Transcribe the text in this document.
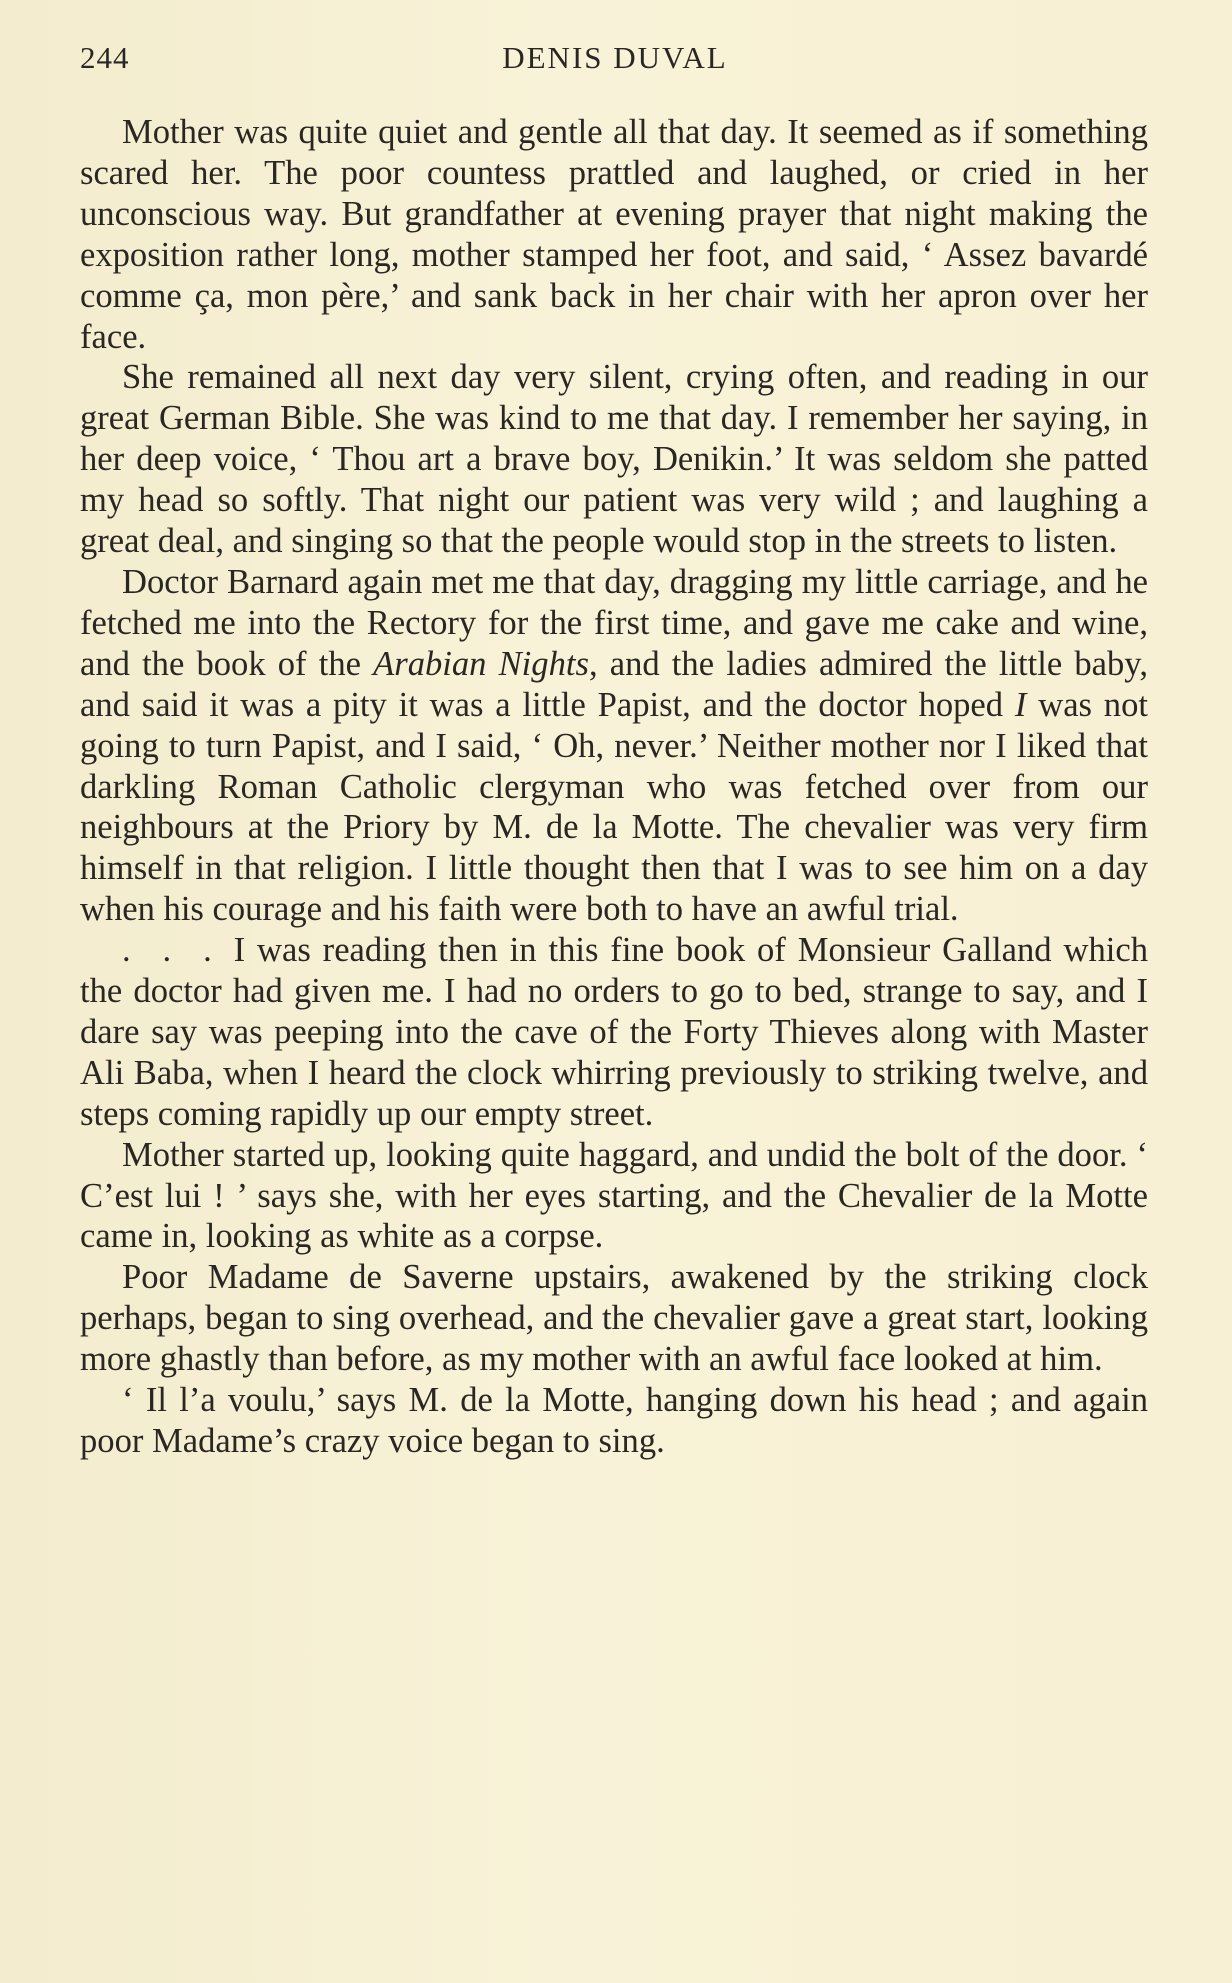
244	DENIS DUVAL

Mother was quite quiet and gentle all that day. It seemed as if something scared her. The poor countess prattled and laughed, or cried in her unconscious way. But grandfather at evening prayer that night making the exposition rather long, mother stamped her foot, and said, ‘ Assez bavardé comme ça, mon père,’ and sank back in her chair with her apron over her face.

She remained all next day very silent, crying often, and reading in our great German Bible. She was kind to me that day. I remember her saying, in her deep voice, ‘ Thou art a brave boy, Denikin.’ It was seldom she patted my head so softly. That night our patient was very wild ; and laughing a great deal, and singing so that the people would stop in the streets to listen.

Doctor Barnard again met me that day, dragging my little carriage, and he fetched me into the Rectory for the first time, and gave me cake and wine, and the book of the Arabian Nights, and the ladies admired the little baby, and said it was a pity it was a little Papist, and the doctor hoped I was not going to turn Papist, and I said, ‘ Oh, never.’ Neither mother nor I liked that darkling Roman Catholic clergyman who was fetched over from our neighbours at the Priory by M. de la Motte. The chevalier was very firm himself in that religion. I little thought then that I was to see him on a day when his courage and his faith were both to have an awful trial.

. . . I was reading then in this fine book of Monsieur Galland which the doctor had given me. I had no orders to go to bed, strange to say, and I dare say was peeping into the cave of the Forty Thieves along with Master Ali Baba, when I heard the clock whirring previously to striking twelve, and steps coming rapidly up our empty street.

Mother started up, looking quite haggard, and undid the bolt of the door. ‘ C’est lui ! ’ says she, with her eyes starting, and the Chevalier de la Motte came in, looking as white as a corpse.

Poor Madame de Saverne upstairs, awakened by the striking clock perhaps, began to sing overhead, and the chevalier gave a great start, looking more ghastly than before, as my mother with an awful face looked at him.

‘ Il l’a voulu,’ says M. de la Motte, hanging down his head ; and again poor Madame’s crazy voice began to sing.
